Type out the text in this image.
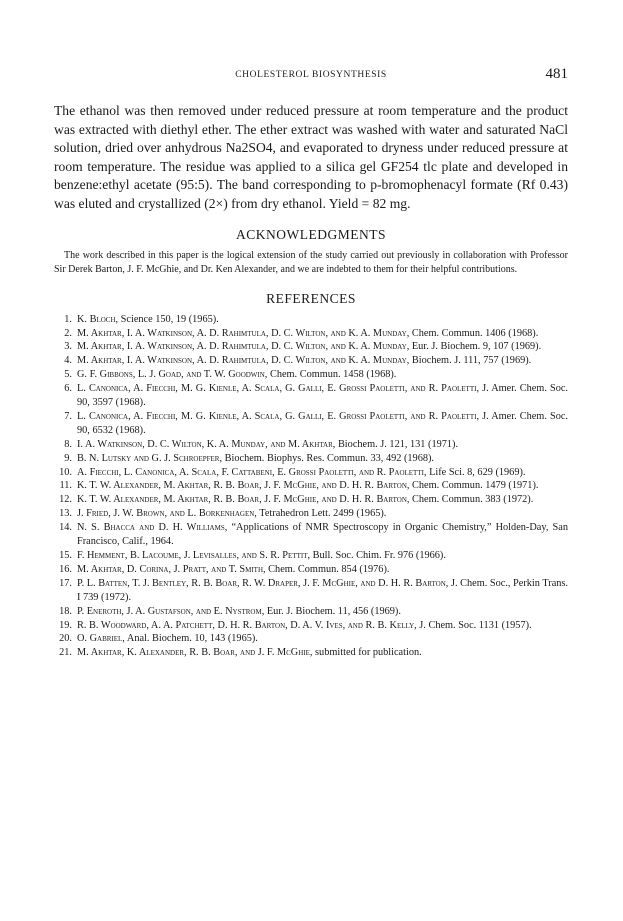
CHOLESTEROL BIOSYNTHESIS	481

The ethanol was then removed under reduced pressure at room temperature and the product was extracted with diethyl ether. The ether extract was washed with water and saturated NaCl solution, dried over anhydrous Na2SO4, and evaporated to dryness under reduced pressure at room temperature. The residue was applied to a silica gel GF254 tlc plate and developed in benzene:ethyl acetate (95:5). The band corresponding to p-bromophenacyl formate (Rf 0.43) was eluted and crystallized (2×) from dry ethanol. Yield = 82 mg.

ACKNOWLEDGMENTS
The work described in this paper is the logical extension of the study carried out previously in collaboration with Professor Sir Derek Barton, J. F. McGhie, and Dr. Ken Alexander, and we are indebted to them for their helpful contributions.
REFERENCES
1. K. Bloch, Science 150, 19 (1965).
2. M. Akhtar, I. A. Watkinson, A. D. Rahimtula, D. C. Wilton, and K. A. Munday, Chem. Commun. 1406 (1968).
3. M. Akhtar, I. A. Watkinson, A. D. Rahimtula, D. C. Wilton, and K. A. Munday, Eur. J. Biochem. 9, 107 (1969).
4. M. Akhtar, I. A. Watkinson, A. D. Rahimtula, D. C. Wilton, and K. A. Munday, Biochem. J. 111, 757 (1969).
5. G. F. Gibbons, L. J. Goad, and T. W. Goodwin, Chem. Commun. 1458 (1968).
6. L. Canonica, A. Fiecchi, M. G. Kienle, A. Scala, G. Galli, E. Grossi Paoletti, and R. Paoletti, J. Amer. Chem. Soc. 90, 3597 (1968).
7. L. Canonica, A. Fiecchi, M. G. Kienle, A. Scala, G. Galli, E. Grossi Paoletti, and R. Paoletti, J. Amer. Chem. Soc. 90, 6532 (1968).
8. I. A. Watkinson, D. C. Wilton, K. A. Munday, and M. Akhtar, Biochem. J. 121, 131 (1971).
9. B. N. Lutsky and G. J. Schroepfer, Biochem. Biophys. Res. Commun. 33, 492 (1968).
10. A. Fiecchi, L. Canonica, A. Scala, F. Cattabeni, E. Grossi Paoletti, and R. Paoletti, Life Sci. 8, 629 (1969).
11. K. T. W. Alexander, M. Akhtar, R. B. Boar, J. F. McGhie, and D. H. R. Barton, Chem. Commun. 1479 (1971).
12. K. T. W. Alexander, M. Akhtar, R. B. Boar, J. F. McGhie, and D. H. R. Barton, Chem. Commun. 383 (1972).
13. J. Fried, J. W. Brown, and L. Borkenhagen, Tetrahedron Lett. 2499 (1965).
14. N. S. Bhacca and D. H. Williams, “Applications of NMR Spectroscopy in Organic Chemistry,” Holden-Day, San Francisco, Calif., 1964.
15. F. Hemment, B. Lacoume, J. Levisalles, and S. R. Pettit, Bull. Soc. Chim. Fr. 976 (1966).
16. M. Akhtar, D. Corina, J. Pratt, and T. Smith, Chem. Commun. 854 (1976).
17. P. L. Batten, T. J. Bentley, R. B. Boar, R. W. Draper, J. F. McGhie, and D. H. R. Barton, J. Chem. Soc., Perkin Trans. I 739 (1972).
18. P. Eneroth, J. A. Gustafson, and E. Nystrom, Eur. J. Biochem. 11, 456 (1969).
19. R. B. Woodward, A. A. Patchett, D. H. R. Barton, D. A. V. Ives, and R. B. Kelly, J. Chem. Soc. 1131 (1957).
20. O. Gabriel, Anal. Biochem. 10, 143 (1965).
21. M. Akhtar, K. Alexander, R. B. Boar, and J. F. McGhie, submitted for publication.
